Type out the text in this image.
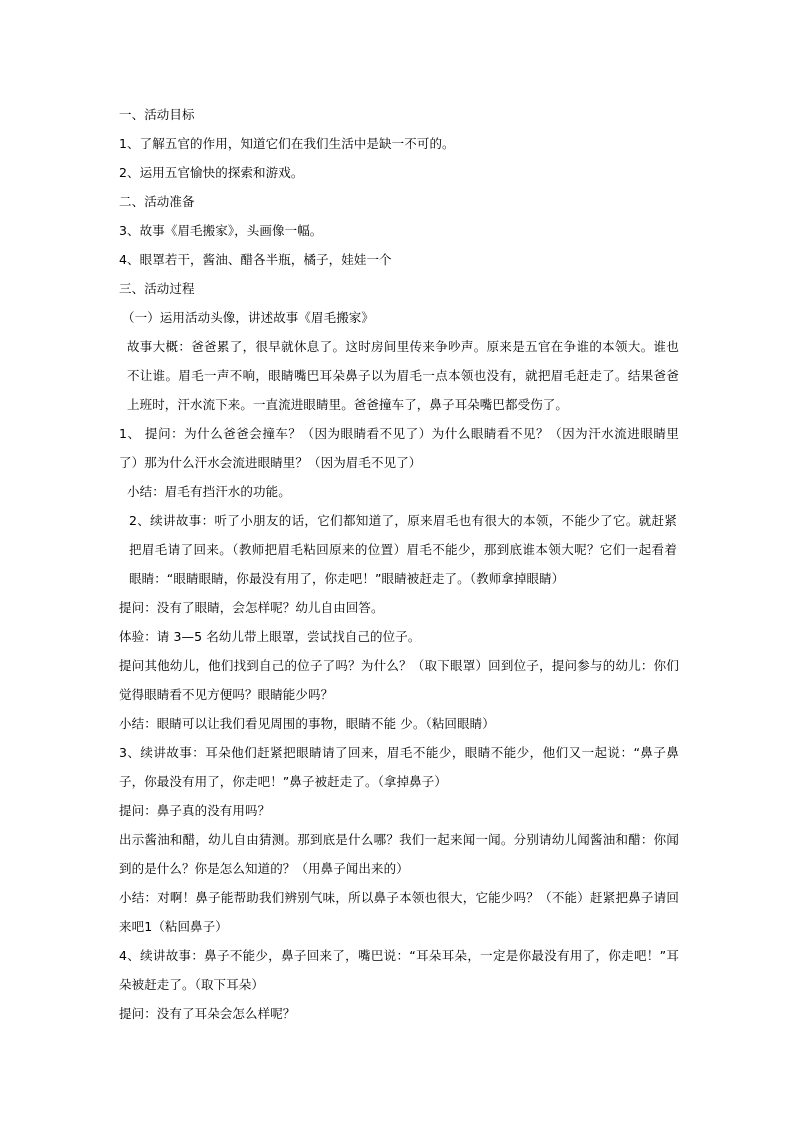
一、活动目标
1、了解五官的作用，知道它们在我们生活中是缺一不可的。
2、运用五官愉快的探索和游戏。
二、活动准备
3、故事《眉毛搬家》，头画像一幅。
4、眼罩若干，酱油、醋各半瓶，橘子，娃娃一个
三、活动过程
（一）运用活动头像，讲述故事《眉毛搬家》
故事大概：爸爸累了，很早就休息了。这时房间里传来争吵声。原来是五官在争谁的本领大。谁也不让谁。眉毛一声不响，眼睛嘴巴耳朵鼻子以为眉毛一点本领也没有，就把眉毛赶走了。结果爸爸上班时，汗水流下来。一直流进眼睛里。爸爸撞车了，鼻子耳朵嘴巴都受伤了。
1、 提问：为什么爸爸会撞车？（因为眼睛看不见了）为什么眼睛看不见？（因为汗水流进眼睛里了）那为什么汗水会流进眼睛里？（因为眉毛不见了）
小结：眉毛有挡汗水的功能。
2、续讲故事：听了小朋友的话，它们都知道了，原来眉毛也有很大的本领，不能少了它。就赶紧把眉毛请了回来。（教师把眉毛粘回原来的位置）眉毛不能少，那到底谁本领大呢？它们一起看着眼睛：“眼睛眼睛，你最没有用了，你走吧！”眼睛被赶走了。（教师拿掉眼睛）
提问：没有了眼睛，会怎样呢？幼儿自由回答。
体验：请 3—5 名幼儿带上眼罩，尝试找自己的位子。
提问其他幼儿，他们找到自己的位子了吗？为什么？（取下眼罩）回到位子，提问参与的幼儿：你们觉得眼睛看不见方便吗？眼睛能少吗？
小结：眼睛可以让我们看见周围的事物，眼睛不能 少。（粘回眼睛）
3、续讲故事：耳朵他们赶紧把眼睛请了回来，眉毛不能少，眼睛不能少，他们又一起说：“鼻子鼻子，你最没有用了，你走吧！”鼻子被赶走了。（拿掉鼻子）
提问：鼻子真的没有用吗？
出示酱油和醋，幼儿自由猜测。那到底是什么哪？我们一起来闻一闻。分别请幼儿闻酱油和醋：你闻到的是什么？你是怎么知道的？（用鼻子闻出来的）
小结：对啊！鼻子能帮助我们辨别气味，所以鼻子本领也很大，它能少吗？（不能）赶紧把鼻子请回来吧1（粘回鼻子）
4、续讲故事：鼻子不能少，鼻子回来了，嘴巴说：“耳朵耳朵，一定是你最没有用了，你走吧！”耳朵被赶走了。（取下耳朵）
提问：没有了耳朵会怎么样呢？
